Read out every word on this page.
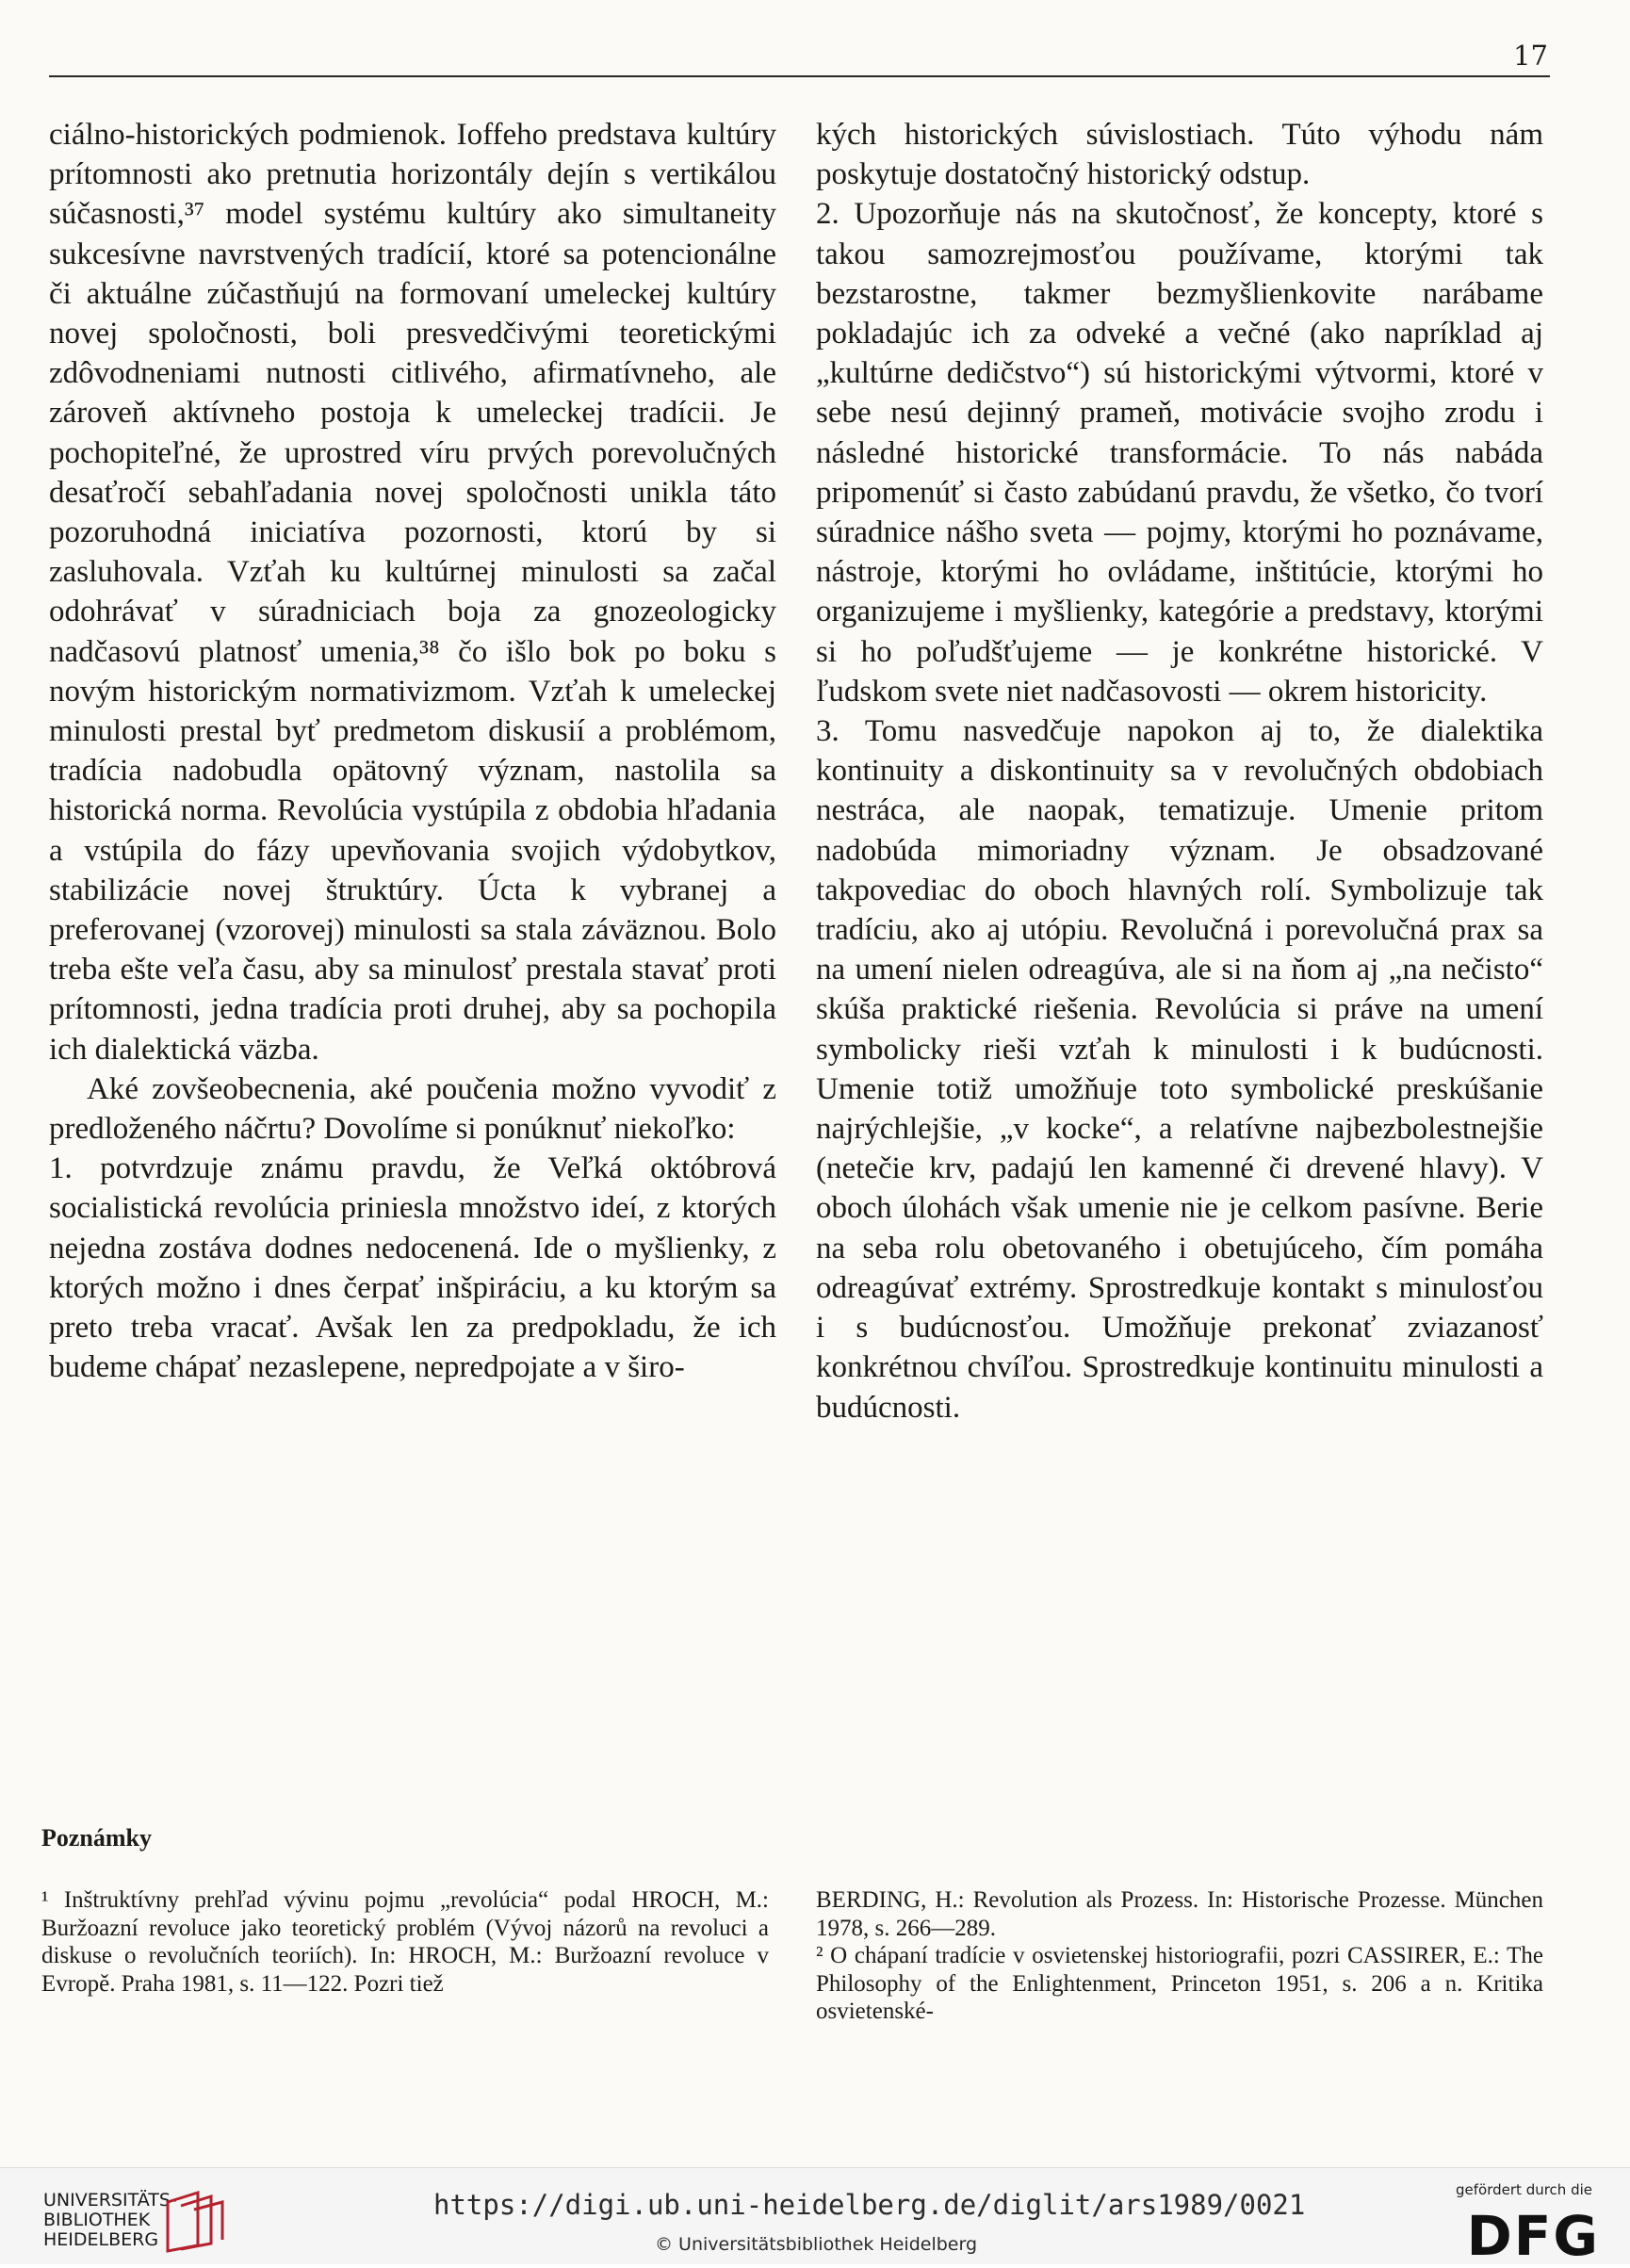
17

ciálno-historických podmienok. Ioffeho predstava kultúry prítomnosti ako pretnutia horizontály dejín s vertikálou súčasnosti,³⁷ model systému kultúry ako simultaneity sukcesívne navrstvených tradícií, ktoré sa potencionálne či aktuálne zúčastňujú na formovaní umeleckej kultúry novej spoločnosti, boli presvedčivými teoretickými zdôvodneniami nutnosti citlivého, afirmatívneho, ale zároveň aktívneho postoja k umeleckej tradícii. Je pochopiteľné, že uprostred víru prvých porevolučných desaťročí sebahľadania novej spoločnosti unikla táto pozoruhodná iniciatíva pozornosti, ktorú by si zasluhovala. Vzťah ku kultúrnej minulosti sa začal odohrávať v súradniciach boja za gnozeologicky nadčasovú platnosť umenia,³⁸ čo išlo bok po boku s novým historickým normativizmom. Vzťah k umeleckej minulosti prestal byť predmetom diskusií a problémom, tradícia nadobudla opätovný význam, nastolila sa historická norma. Revolúcia vystúpila z obdobia hľadania a vstúpila do fázy upevňovania svojich výdobytkov, stabilizácie novej štruktúry. Úcta k vybranej a preferovanej (vzorovej) minulosti sa stala záväznou. Bolo treba ešte veľa času, aby sa minulosť prestala stavať proti prítomnosti, jedna tradícia proti druhej, aby sa pochopila ich dialektická väzba.

Aké zovšeobecnenia, aké poučenia možno vyvodiť z predloženého náčrtu? Dovolíme si ponúknuť niekoľko:

1. potvrdzuje známu pravdu, že Veľká októbrová socialistická revolúcia priniesla množstvo ideí, z ktorých nejedna zostáva dodnes nedocenená. Ide o myšlienky, z ktorých možno i dnes čerpať inšpiráciu, a ku ktorým sa preto treba vracať. Avšak len za predpokladu, že ich budeme chápať nezaslepene, nepredpojate a v širo-

kých historických súvislostiach. Túto výhodu nám poskytuje dostatočný historický odstup.

2. Upozorňuje nás na skutočnosť, že koncepty, ktoré s takou samozrejmosťou používame, ktorými tak bezstarostne, takmer bezmyšlienkovite narábame pokladajúc ich za odveké a večné (ako napríklad aj „kultúrne dedičstvo“) sú historickými výtvormi, ktoré v sebe nesú dejinný prameň, motivácie svojho zrodu i následné historické transformácie. To nás nabáda pripomenúť si často zabúdanú pravdu, že všetko, čo tvorí súradnice nášho sveta — pojmy, ktorými ho poznávame, nástroje, ktorými ho ovládame, inštitúcie, ktorými ho organizujeme i myšlienky, kategórie a predstavy, ktorými si ho poľudšťujeme — je konkrétne historické. V ľudskom svete niet nadčasovosti — okrem historicity.

3. Tomu nasvedčuje napokon aj to, že dialektika kontinuity a diskontinuity sa v revolučných obdobiach nestráca, ale naopak, tematizuje. Umenie pritom nadobúda mimoriadny význam. Je obsadzované takpovediac do oboch hlavných rolí. Symbolizuje tak tradíciu, ako aj utópiu. Revolučná i porevolučná prax sa na umení nielen odreagúva, ale si na ňom aj „na nečisto“ skúša praktické riešenia. Revolúcia si práve na umení symbolicky rieši vzťah k minulosti i k budúcnosti. Umenie totiž umožňuje toto symbolické preskúšanie najrýchlejšie, „v kocke“, a relatívne najbezbolestnejšie (netečie krv, padajú len kamenné či drevené hlavy). V oboch úlohách však umenie nie je celkom pasívne. Berie na seba rolu obetovaného i obetujúceho, čím pomáha odreagúvať extrémy. Sprostredkuje kontakt s minulosťou i s budúcnosťou. Umožňuje prekonať zviazanosť konkrétnou chvíľou. Sprostredkuje kontinuitu minulosti a budúcnosti.

Poznámky

¹ Inštruktívny prehľad vývinu pojmu „revolúcia“ podal HROCH, M.: Buržoazní revoluce jako teoretický problém (Vývoj názorů na revoluci a diskuse o revolučních teoriích). In: HROCH, M.: Buržoazní revoluce v Evropě. Praha 1981, s. 11—122. Pozri tiež

BERDING, H.: Revolution als Prozess. In: Historische Prozesse. München 1978, s. 266—289.

² O chápaní tradície v osvietenskej historiografii, pozri CASSIRER, E.: The Philosophy of the Enlightenment, Princeton 1951, s. 206 a n. Kritika osvietenské-

UNIVERSITÄTS-
BIBLIOTHEK
HEIDELBERG
https://digi.ub.uni-heidelberg.de/diglit/ars1989/0021
© Universitätsbibliothek Heidelberg
gefördert durch die
DFG
